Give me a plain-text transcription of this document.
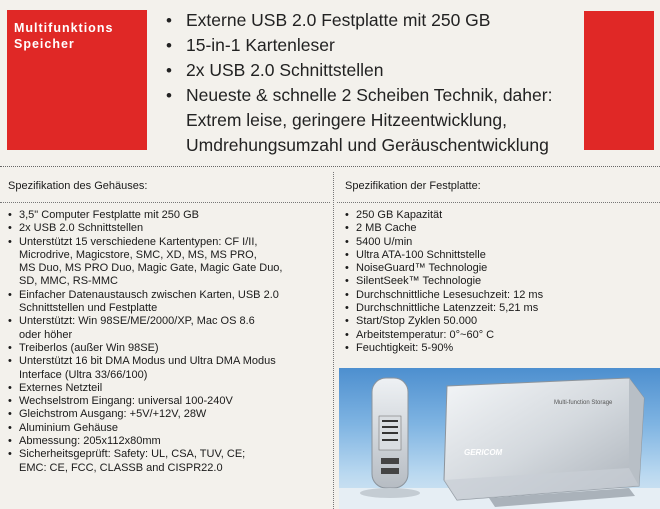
Multifunktions
Speicher
• Externe USB 2.0 Festplatte mit 250 GB
• 15-in-1 Kartenleser
• 2x USB 2.0 Schnittstellen
• Neueste & schnelle 2 Scheiben Technik, daher:
Extrem leise, geringere Hitzeentwicklung,
Umdrehungsumzahl und Geräuschentwicklung
Spezifikation des Gehäuses:
• 3,5" Computer Festplatte mit 250 GB
• 2x USB 2.0 Schnittstellen
• Unterstützt 15 verschiedene Kartentypen: CF I/II,
Microdrive, Magicstore, SMC, XD, MS, MS PRO,
MS Duo, MS PRO Duo, Magic Gate, Magic Gate Duo,
SD, MMC, RS-MMC
• Einfacher Datenaustausch zwischen Karten, USB 2.0
Schnittstellen und Festplatte
• Unterstützt: Win 98SE/ME/2000/XP, Mac OS 8.6
oder höher
• Treiberlos (außer Win 98SE)
• Unterstützt 16 bit DMA Modus und Ultra DMA Modus
Interface (Ultra 33/66/100)
• Externes Netzteil
• Wechselstrom Eingang: universal 100-240V
• Gleichstrom Ausgang: +5V/+12V, 28W
• Aluminium Gehäuse
• Abmessung: 205x112x80mm
• Sicherheitsgeprüft: Safety: UL, CSA, TUV, CE;
EMC: CE, FCC, CLASSB and CISPR22.0
Spezifikation der Festplatte:
• 250 GB Kapazität
• 2 MB Cache
• 5400 U/min
• Ultra ATA-100 Schnittstelle
• NoiseGuard™ Technologie
• SilentSeek™ Technologie
• Durchschnittliche Lesesuchzeit: 12 ms
• Durchschnittliche Latenzzeit: 5,21 ms
• Start/Stop Zyklen 50.000
• Arbeitstemperatur: 0°~60° C
• Feuchtigkeit: 5-90%
Multi-function Storage
GERICOM
